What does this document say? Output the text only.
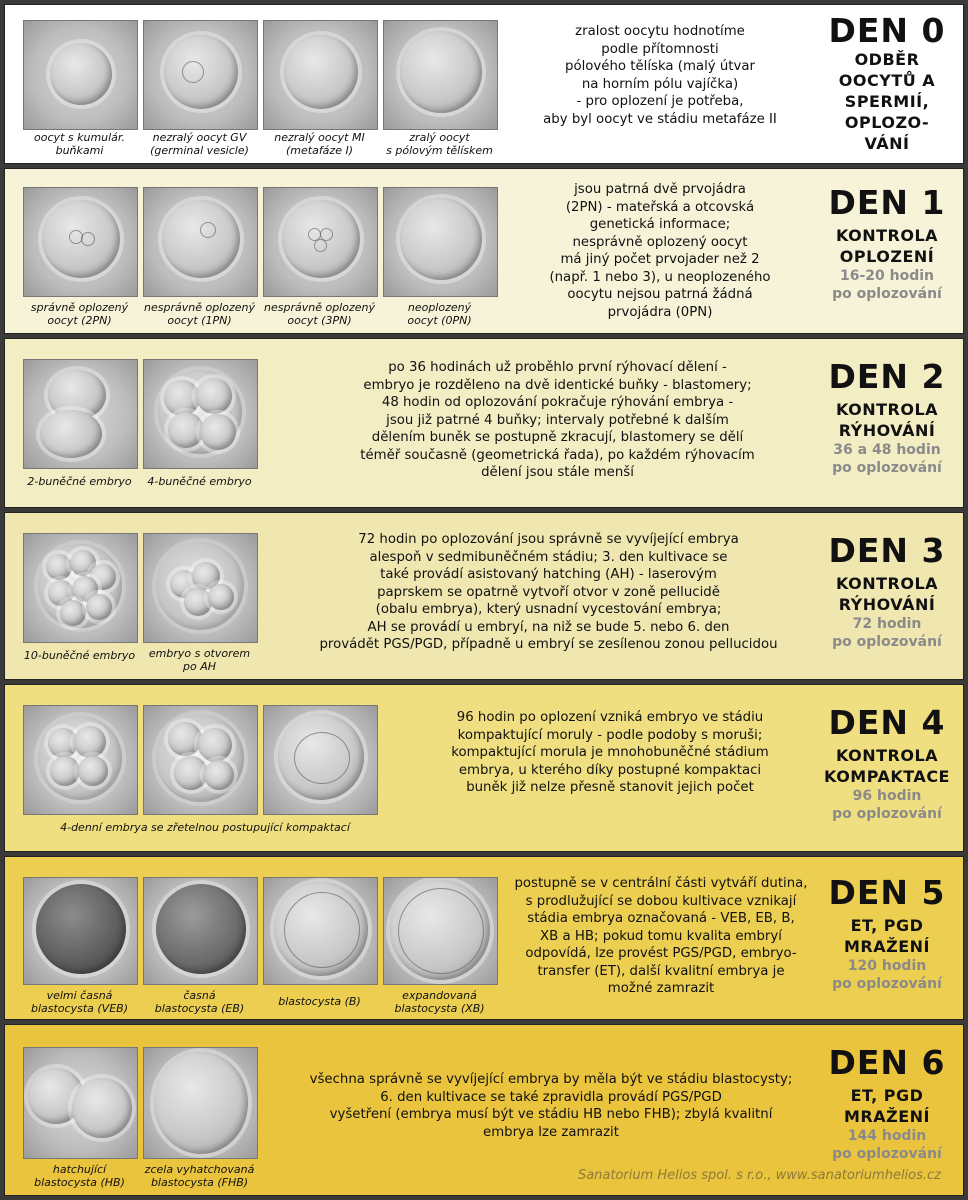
oocyt s kumulár.
buňkami
nezralý oocyt GV
(germinal vesicle)
nezralý oocyt MI
(metafáze I)
zralý oocyt
s pólovým tělískem
zralost oocytu hodnotíme
podle přítomnosti
pólového tělíska (malý útvar
na horním pólu vajíčka)
- pro oplození je potřeba,
aby byl oocyt ve stádiu metafáze II
DEN 0
ODBĚR
OOCYTŮ A
SPERMIÍ,
OPLOZO-
VÁNÍ
správně oplozený
oocyt (2PN)
nesprávně oplozený
oocyt (1PN)
nesprávně oplozený
oocyt (3PN)
neoplozený
oocyt (0PN)
jsou patrná dvě prvojádra
(2PN) - mateřská a otcovská
genetická informace;
nesprávně oplozený oocyt
má jiný počet prvojader než 2
(např. 1 nebo 3), u neoplozeného
oocytu nejsou patrná žádná
prvojádra (0PN)
DEN 1
KONTROLA
OPLOZENÍ
16-20 hodin
po oplozování
2-buněčné embryo	4-buněčné embryo
po 36 hodinách už proběhlo první rýhovací dělení -
embryo je rozděleno na dvě identické buňky - blastomery;
48 hodin od oplozování pokračuje rýhování embrya -
jsou již patrné 4 buňky; intervaly potřebné k dalším
dělením buněk se postupně zkracují, blastomery se dělí
téměř současně (geometrická řada), po každém rýhovacím
dělení jsou stále menší
DEN 2
KONTROLA
RÝHOVÁNÍ
36 a 48 hodin
po oplozování
10-buněčné embryo	embryo s otvorem
po AH
72 hodin po oplozování jsou správně se vyvíjející embrya
alespoň v sedmibuněčném stádiu; 3. den kultivace se
také provádí asistovaný hatching (AH) - laserovým
paprskem se opatrně vytvoří otvor v zoně pellucidě
(obalu embrya), který usnadní vycestování embrya;
AH se provádí u embryí, na niž se bude 5. nebo 6. den
provádět PGS/PGD, případně u embryí se zesílenou zonou pellucidou
DEN 3
KONTROLA
RÝHOVÁNÍ
72 hodin
po oplozování
4-denní embrya se zřetelnou postupující kompaktací
96 hodin po oplození vzniká embryo ve stádiu
kompaktující moruly - podle podoby s moruši;
kompaktující morula je mnohobuněčné stádium
embrya, u kterého díky postupné kompaktaci
buněk již nelze přesně stanovit jejich počet
DEN 4
KONTROLA
KOMPAKTACE
96 hodin
po oplozování
velmi časná
blastocysta (VEB)
časná
blastocysta (EB)
blastocysta (B)	expandovaná
blastocysta (XB)
postupně se v centrální části vytváří dutina,
s prodlužující se dobou kultivace vznikají
stádia embrya označovaná - VEB, EB, B,
XB a HB; pokud tomu kvalita embryí
odpovídá, lze provést PGS/PGD, embryo-
transfer (ET), další kvalitní embrya je
možné zamrazit
DEN 5
ET, PGD
MRAŽENÍ
120 hodin
po oplozování
hatchující
blastocysta (HB)
zcela vyhatchovaná
blastocysta (FHB)
všechna správně se vyvíjející embrya by měla být ve stádiu blastocysty;
6. den kultivace se také zpravidla provádí PGS/PGD
vyšetření (embrya musí být ve stádiu HB nebo FHB); zbylá kvalitní
embrya lze zamrazit
DEN 6
ET, PGD
MRAŽENÍ
144 hodin
po oplozování
Sanatorium Helios spol. s r.o., www.sanatoriumhelios.cz
